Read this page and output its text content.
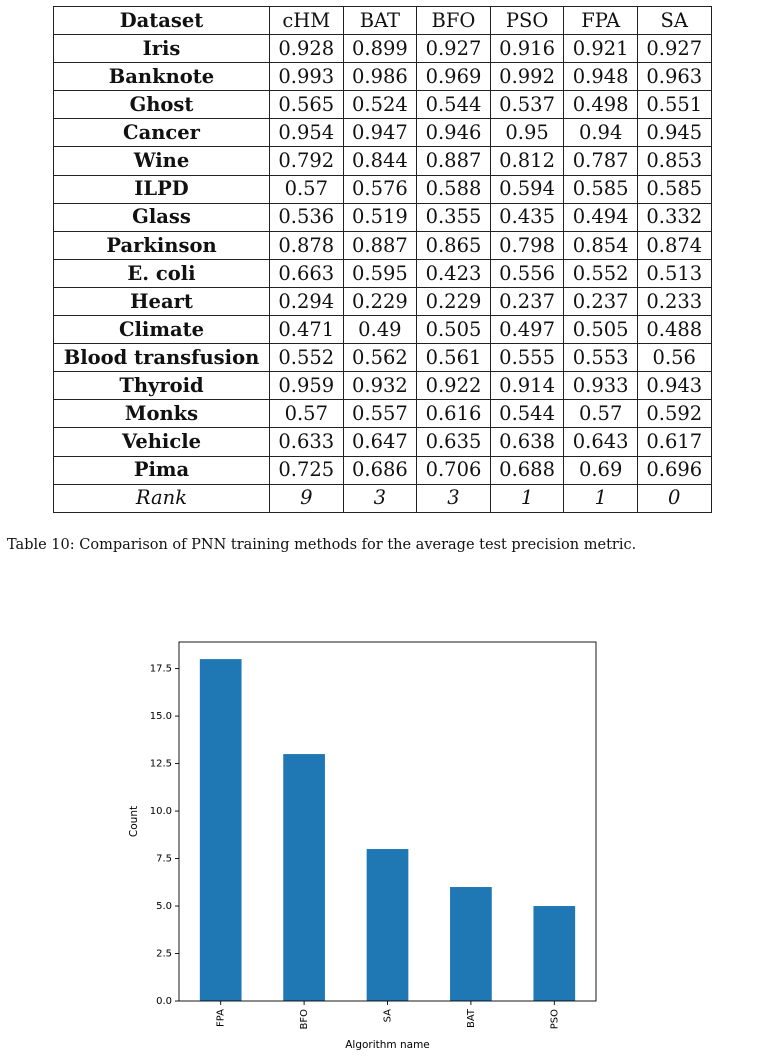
Dataset	cHM	BAT	BFO	PSO	FPA	SA
Iris	0.928	0.899	0.927	0.916	0.921	0.927
Banknote	0.993	0.986	0.969	0.992	0.948	0.963
Ghost	0.565	0.524	0.544	0.537	0.498	0.551
Cancer	0.954	0.947	0.946	0.95	0.94	0.945
Wine	0.792	0.844	0.887	0.812	0.787	0.853
ILPD	0.57	0.576	0.588	0.594	0.585	0.585
Glass	0.536	0.519	0.355	0.435	0.494	0.332
Parkinson	0.878	0.887	0.865	0.798	0.854	0.874
E. coli	0.663	0.595	0.423	0.556	0.552	0.513
Heart	0.294	0.229	0.229	0.237	0.237	0.233
Climate	0.471	0.49	0.505	0.497	0.505	0.488
Blood transfusion	0.552	0.562	0.561	0.555	0.553	0.56
Thyroid	0.959	0.932	0.922	0.914	0.933	0.943
Monks	0.57	0.557	0.616	0.544	0.57	0.592
Vehicle	0.633	0.647	0.635	0.638	0.643	0.617
Pima	0.725	0.686	0.706	0.688	0.69	0.696
Rank	9	3	3	1	1	0
Table 10: Comparison of PNN training methods for the average test precision metric.
FPA	BFO	SA	BAT	PSO
0.0
2.5
5.0
7.5
10.0
12.5
15.0
17.5
Algorithm name
Count
